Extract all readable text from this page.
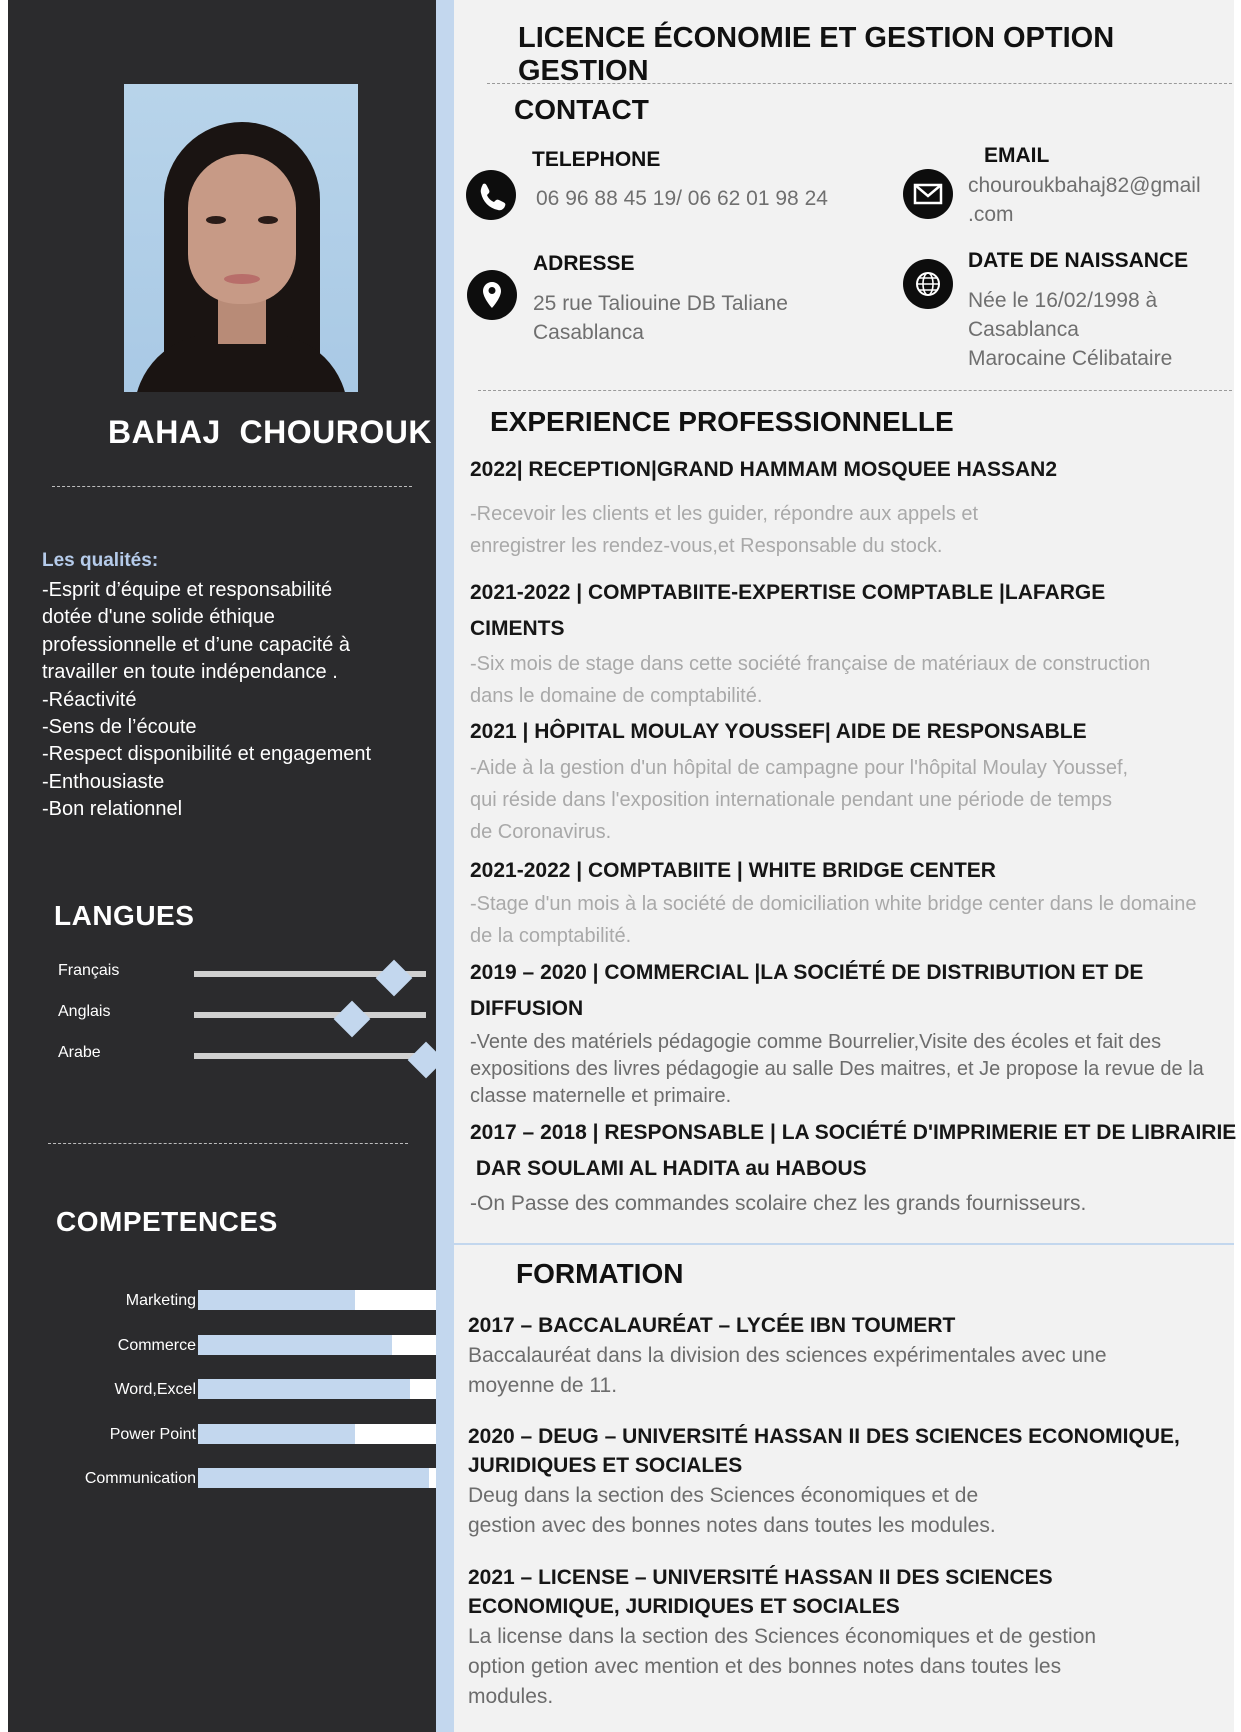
BAHAJ  CHOUROUK
Les qualités:
-Esprit d’équipe et responsabilité
dotée d'une solide éthique
professionnelle et d’une capacité à
travailler en toute indépendance .
-Réactivité
-Sens de l’écoute
-Respect disponibilité et engagement
-Enthousiaste
-Bon relationnel
LANGUES
Français
Anglais
Arabe
COMPETENCES
Marketing
Commerce
Word,Excel
Power Point
Communication
LICENCE ÉCONOMIE ET GESTION OPTION GESTION
CONTACT
TELEPHONE
06 96 88 45 19/ 06 62 01 98 24
EMAIL
chouroukbahaj82@gmail
.com
ADRESSE
25 rue Taliouine DB Taliane
Casablanca
DATE DE NAISSANCE
Née le 16/02/1998 à
Casablanca
Marocaine Célibataire
EXPERIENCE PROFESSIONNELLE
2022| RECEPTION|GRAND HAMMAM MOSQUEE HASSAN2
-Recevoir les clients et les guider, répondre aux appels et
enregistrer les rendez-vous,et Responsable du stock.
2021-2022 | COMPTABIITE-EXPERTISE COMPTABLE |LAFARGE
CIMENTS
-Six mois de stage dans cette société française de matériaux de construction
dans le domaine de comptabilité.
2021 | HÔPITAL MOULAY YOUSSEF| AIDE DE RESPONSABLE
-Aide à la gestion d'un hôpital de campagne pour l'hôpital Moulay Youssef,
qui réside dans l'exposition internationale pendant une période de temps
de Coronavirus.
2021-2022 | COMPTABIITE | WHITE BRIDGE CENTER
-Stage d'un mois à la société de domiciliation white bridge center dans le domaine
de la comptabilité.
2019 – 2020 | COMMERCIAL |LA SOCIÉTÉ DE DISTRIBUTION ET DE
DIFFUSION
-Vente des matériels pédagogie comme Bourrelier,Visite des écoles et fait des
expositions des livres pédagogie au salle Des maitres, et Je propose la revue de la
classe maternelle et primaire.
2017 – 2018 | RESPONSABLE | LA SOCIÉTÉ D'IMPRIMERIE ET DE LIBRAIRIE
DAR SOULAMI AL HADITA au HABOUS
-On Passe des commandes scolaire chez les grands fournisseurs.
FORMATION
2017 – BACCALAURÉAT – LYCÉE IBN TOUMERT
Baccalauréat dans la division des sciences expérimentales avec une
moyenne de 11.
2020 – DEUG – UNIVERSITÉ HASSAN II DES SCIENCES ECONOMIQUE,
JURIDIQUES ET SOCIALES
Deug dans la section des Sciences économiques et de
gestion avec des bonnes notes dans toutes les modules.
2021 – LICENSE – UNIVERSITÉ HASSAN II DES SCIENCES
ECONOMIQUE, JURIDIQUES ET SOCIALES
La license dans la section des Sciences économiques et de gestion
option getion avec mention et des bonnes notes dans toutes les
modules.
